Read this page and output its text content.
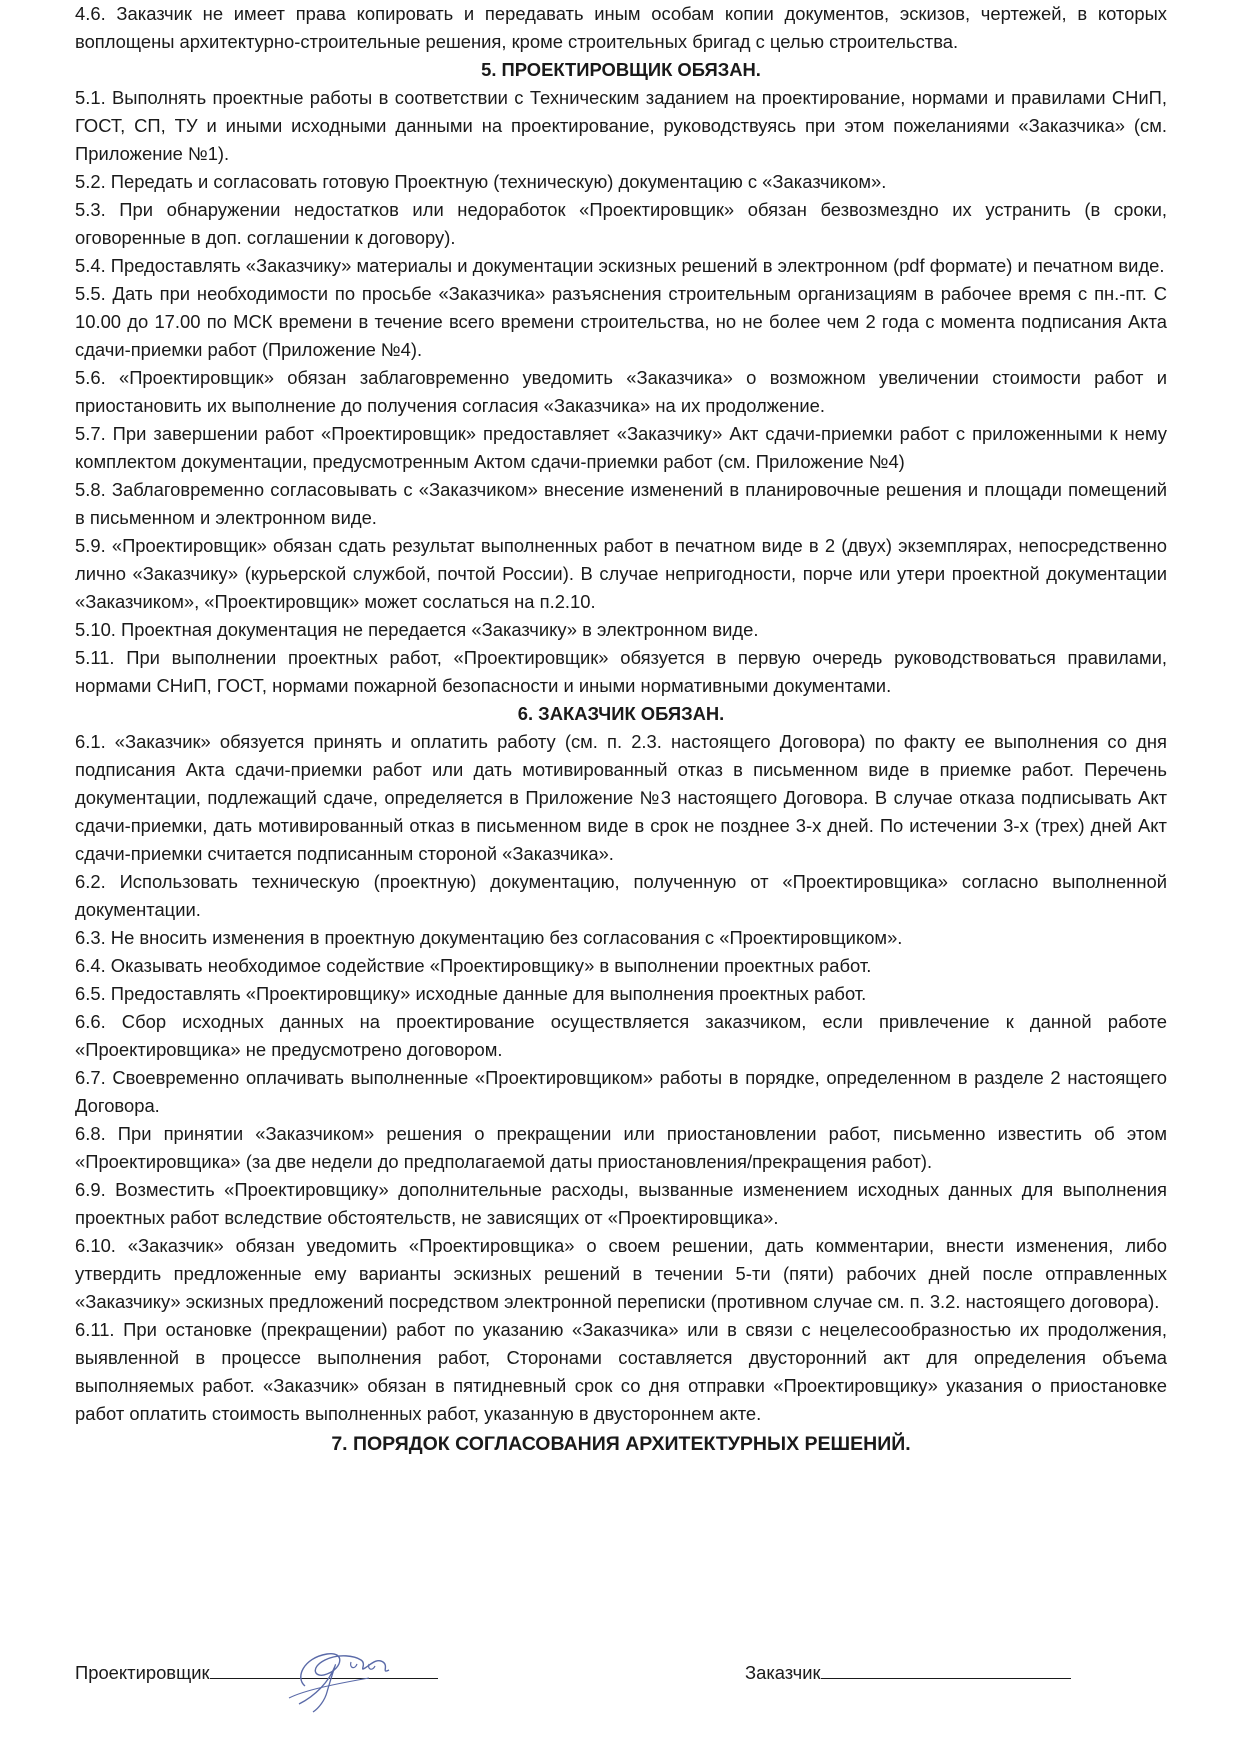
4.6. Заказчик не имеет права копировать и передавать иным особам копии документов, эскизов, чертежей, в которых воплощены архитектурно-строительные решения, кроме строительных бригад с целью строительства.

5. ПРОЕКТИРОВЩИК ОБЯЗАН.

5.1. Выполнять проектные работы в соответствии с Техническим заданием на проектирование, нормами и правилами СНиП, ГОСТ, СП, ТУ и иными исходными данными на проектирование, руководствуясь при этом пожеланиями «Заказчика» (см. Приложение №1).

5.2. Передать и согласовать готовую Проектную (техническую) документацию с «Заказчиком».

5.3. При обнаружении недостатков или недоработок «Проектировщик» обязан безвозмездно их устранить (в сроки, оговоренные в доп. соглашении к договору).

5.4. Предоставлять «Заказчику» материалы и документации эскизных решений в электронном (pdf формате) и печатном виде.

5.5. Дать при необходимости по просьбе «Заказчика» разъяснения строительным организациям в рабочее время с пн.-пт. С 10.00 до 17.00 по МСК времени в течение всего времени строительства, но не более чем 2 года с момента подписания Акта сдачи-приемки работ (Приложение №4).

5.6. «Проектировщик» обязан заблаговременно уведомить «Заказчика» о возможном увеличении стоимости работ и приостановить их выполнение до получения согласия «Заказчика» на их продолжение.

5.7. При завершении работ «Проектировщик» предоставляет «Заказчику» Акт сдачи-приемки работ с приложенными к нему комплектом документации, предусмотренным Актом сдачи-приемки работ (см. Приложение №4)

5.8. Заблаговременно согласовывать с «Заказчиком» внесение изменений в планировочные решения и площади помещений в письменном и электронном виде.

5.9. «Проектировщик» обязан сдать результат выполненных работ в печатном виде в 2 (двух) экземплярах, непосредственно лично «Заказчику» (курьерской службой, почтой России). В случае непригодности, порче или утери проектной документации «Заказчиком», «Проектировщик» может сослаться на п.2.10.

5.10. Проектная документация не передается «Заказчику» в электронном виде.

5.11. При выполнении проектных работ, «Проектировщик» обязуется в первую очередь руководствоваться правилами, нормами СНиП, ГОСТ, нормами пожарной безопасности и иными нормативными документами.

6. ЗАКАЗЧИК ОБЯЗАН.

6.1. «Заказчик» обязуется принять и оплатить работу (см. п. 2.3. настоящего Договора) по факту ее выполнения со дня подписания Акта сдачи-приемки работ или дать мотивированный отказ в письменном виде в приемке работ. Перечень документации, подлежащий сдаче, определяется в Приложение №3 настоящего Договора. В случае отказа подписывать Акт сдачи-приемки, дать мотивированный отказ в письменном виде в срок не позднее 3-х дней. По истечении 3-х (трех) дней Акт сдачи-приемки считается подписанным стороной «Заказчика».

6.2. Использовать техническую (проектную) документацию, полученную от «Проектировщика» согласно выполненной документации.

6.3. Не вносить изменения в проектную документацию без согласования с «Проектировщиком».

6.4. Оказывать необходимое содействие «Проектировщику» в выполнении проектных работ.

6.5. Предоставлять «Проектировщику» исходные данные для выполнения проектных работ.

6.6. Сбор исходных данных на проектирование осуществляется заказчиком, если привлечение к данной работе «Проектировщика» не предусмотрено договором.

6.7. Своевременно оплачивать выполненные «Проектировщиком» работы в порядке, определенном в разделе 2 настоящего Договора.

6.8. При принятии «Заказчиком» решения о прекращении или приостановлении работ, письменно известить об этом «Проектировщика» (за две недели до предполагаемой даты приостановления/прекращения работ).

6.9. Возместить «Проектировщику» дополнительные расходы, вызванные изменением исходных данных для выполнения проектных работ вследствие обстоятельств, не зависящих от «Проектировщика».

6.10. «Заказчик» обязан уведомить «Проектировщика» о своем решении, дать комментарии, внести изменения, либо утвердить предложенные ему варианты эскизных решений в течении 5-ти (пяти) рабочих дней после отправленных «Заказчику» эскизных предложений посредством электронной переписки (противном случае см. п. 3.2. настоящего договора).

6.11. При остановке (прекращении) работ по указанию «Заказчика» или в связи с нецелесообразностью их продолжения, выявленной в процессе выполнения работ, Сторонами составляется двусторонний акт для определения объема выполняемых работ. «Заказчик» обязан в пятидневный срок со дня отправки «Проектировщику» указания о приостановке работ оплатить стоимость выполненных работ, указанную в двустороннем акте.

7. ПОРЯДОК СОГЛАСОВАНИЯ АРХИТЕКТУРНЫХ РЕШЕНИЙ.

Проектировщик	Заказчик
